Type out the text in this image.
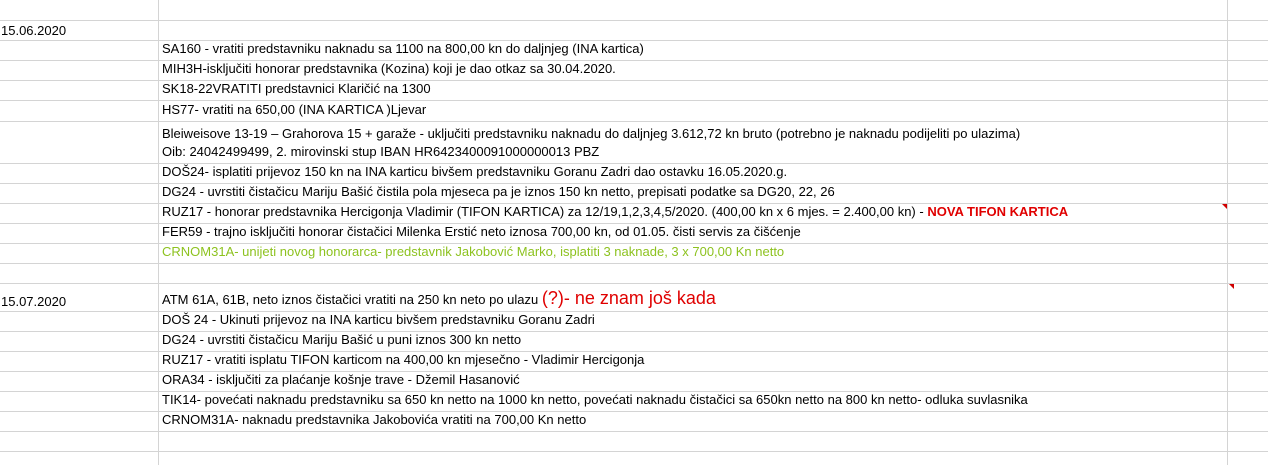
15.06.2020
SA160 - vratiti predstavniku naknadu sa 1100 na 800,00 kn do daljnjeg (INA kartica)
MIH3H-isključiti honorar predstavnika (Kozina) koji je dao otkaz sa 30.04.2020.
SK18-22VRATITI predstavnici Klaričić na 1300
HS77- vratiti na 650,00 (INA KARTICA )Ljevar
Bleiweisove 13-19 – Grahorova 15 + garaže - uključiti predstavniku naknadu do daljnjeg 3.612,72 kn bruto (potrebno je naknadu podijeliti po ulazima)
Oib: 24042499499, 2. mirovinski stup IBAN HR6423400091000000013 PBZ
DOŠ24- isplatiti prijevoz 150 kn na INA karticu bivšem predstavniku Goranu Zadri dao ostavku 16.05.2020.g.
DG24 - uvrstiti čistačicu Mariju Bašić čistila pola mjeseca pa je iznos 150 kn netto, prepisati podatke sa DG20, 22, 26
RUZ17 - honorar predstavnika Hercigonja Vladimir (TIFON KARTICA) za 12/19,1,2,3,4,5/2020. (400,00 kn x 6 mjes. = 2.400,00 kn) - NOVA TIFON KARTICA
FER59 - trajno isključiti honorar čistačici Milenka Erstić neto iznosa 700,00 kn, od 01.05. čisti servis za čišćenje
CRNOM31A- unijeti novog honorarca- predstavnik Jakobović Marko, isplatiti 3 naknade, 3 x 700,00 Kn netto
15.07.2020	ATM 61A, 61B, neto iznos čistačici vratiti na 250 kn neto po ulazu (?)- ne znam još kada
DOŠ 24 - Ukinuti prijevoz na INA karticu bivšem predstavniku Goranu Zadri
DG24 - uvrstiti čistačicu Mariju Bašić u puni iznos 300 kn netto
RUZ17 - vratiti isplatu TIFON karticom na 400,00 kn mjesečno - Vladimir Hercigonja
ORA34 - isključiti za plaćanje košnje trave - Džemil Hasanović
TIK14- povećati naknadu predstavniku sa 650 kn netto na 1000 kn netto, povećati naknadu čistačici sa 650kn netto na 800 kn netto- odluka suvlasnika
CRNOM31A- naknadu predstavnika Jakobovića vratiti na 700,00 Kn netto
